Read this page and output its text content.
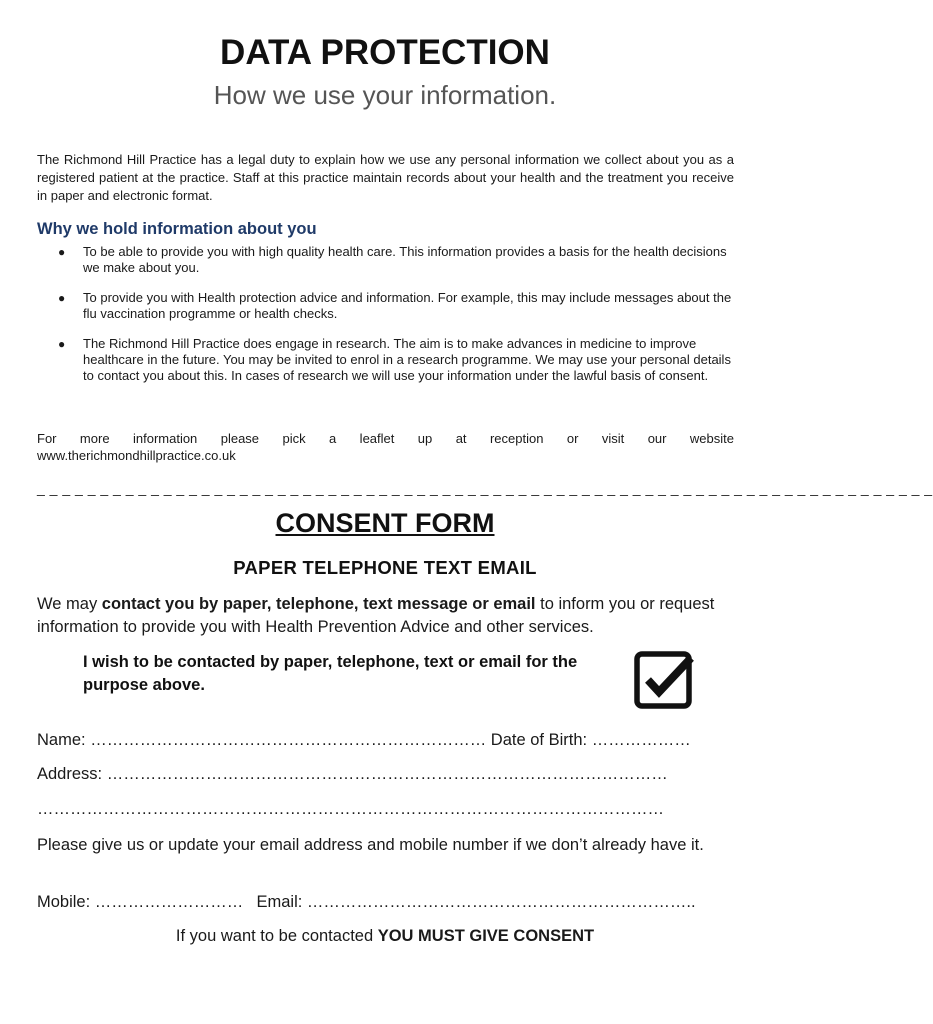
DATA PROTECTION

How we use your information.

The Richmond Hill Practice has a legal duty to explain how we use any personal information we collect about you as a registered patient at the practice. Staff at this practice maintain records about your health and the treatment you receive in paper and electronic format.

Why we hold information about you
● To be able to provide you with high quality health care. This information provides a basis for the health decisions we make about you.
● To provide you with Health protection advice and information. For example, this may include messages about the flu vaccination programme or health checks.
● The Richmond Hill Practice does engage in research. The aim is to make advances in medicine to improve healthcare in the future. You may be invited to enrol in a research programme. We may use your personal details to contact you about this. In cases of research we will use your information under the lawful basis of consent.

For more information please pick a leaflet up at reception or visit our website

www.therichmondhillpractice.co.uk

_ _ _ _ _ _ _ _ _ _ _ _ _ _ _ _ _ _ _ _ _ _ _ _ _ _ _ _ _ _ _ _ _ _ _ _ _ _ _ _ _ _ _ _ _ _ _ _ _ _ _ _ _ _ _ _ _ _ _ _ _ _ _ _ _ _ _ _ _ _ _

CONSENT FORM

PAPER TELEPHONE TEXT EMAIL

We may contact you by paper, telephone, text message or email to inform you or request information to provide you with Health Prevention Advice and other services.

I wish to be contacted by paper, telephone, text or email for the purpose above.

Name: ……………………………………………………………… Date of Birth: ………………

Address: …………………………………………………………………………………………

……………………………………………………………………………………………………

Please give us or update your email address and mobile number if we don’t already have it.

Mobile: ……………………… Email: ……………………………………………………………..

If you want to be contacted YOU MUST GIVE CONSENT
